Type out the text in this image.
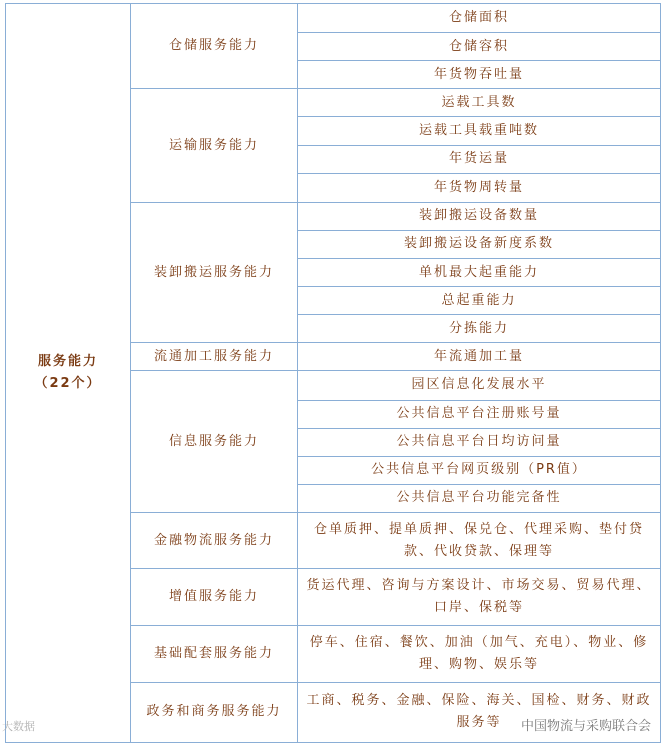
服务能力
（22个）	仓储服务能力	仓储面积
		仓储容积
		年货物吞吐量
	运输服务能力	运载工具数
		运载工具载重吨数
		年货运量
		年货物周转量
	装卸搬运服务能力	装卸搬运设备数量
		装卸搬运设备新度系数
		单机最大起重能力
		总起重能力
		分拣能力
	流通加工服务能力	年流通加工量
	信息服务能力	园区信息化发展水平
		公共信息平台注册账号量
		公共信息平台日均访问量
		公共信息平台网页级别（PR值）
		公共信息平台功能完备性
	金融物流服务能力	仓单质押、提单质押、保兑仓、代理采购、垫付贷款、代收贷款、保理等
	增值服务能力	货运代理、咨询与方案设计、市场交易、贸易代理、口岸、保税等
	基础配套服务能力	停车、住宿、餐饮、加油（加气、充电）、物业、修理、购物、娱乐等
	政务和商务服务能力	工商、税务、金融、保险、海关、国检、财务、财政服务等
大数据	中国物流与采购联合会
